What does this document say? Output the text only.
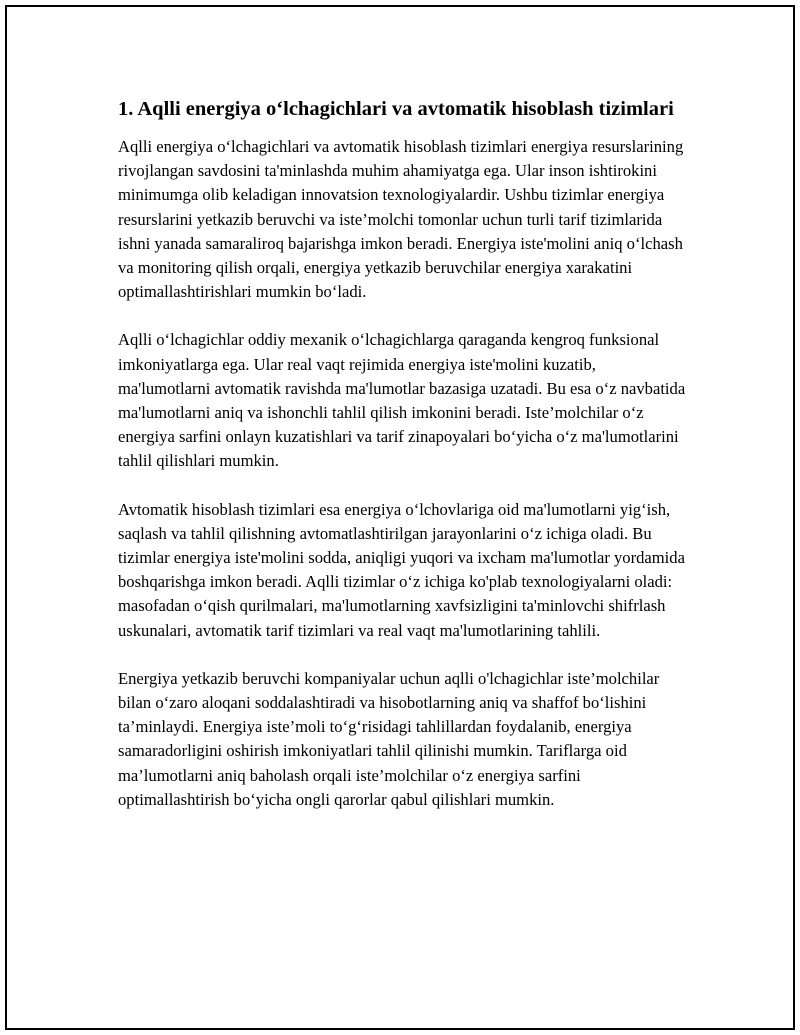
1. Aqlli energiya o‘lchagichlari va avtomatik hisoblash tizimlari

Aqlli energiya o‘lchagichlari va avtomatik hisoblash tizimlari energiya resurslarining rivojlangan savdosini ta'minlashda muhim ahamiyatga ega. Ular inson ishtirokini minimumga olib keladigan innovatsion texnologiyalardir. Ushbu tizimlar energiya resurslarini yetkazib beruvchi va iste’molchi tomonlar uchun turli tarif tizimlarida ishni yanada samaraliroq bajarishga imkon beradi. Energiya iste'molini aniq o‘lchash va monitoring qilish orqali, energiya yetkazib beruvchilar energiya xarakatini optimallashtirishlari mumkin bo‘ladi.

Aqlli o‘lchagichlar oddiy mexanik o‘lchagichlarga qaraganda kengroq funksional imkoniyatlarga ega. Ular real vaqt rejimida energiya iste'molini kuzatib, ma'lumotlarni avtomatik ravishda ma'lumotlar bazasiga uzatadi. Bu esa o‘z navbatida ma'lumotlarni aniq va ishonchli tahlil qilish imkonini beradi. Iste’molchilar o‘z energiya sarfini onlayn kuzatishlari va tarif zinapoyalari bo‘yicha o‘z ma'lumotlarini tahlil qilishlari mumkin.

Avtomatik hisoblash tizimlari esa energiya o‘lchovlariga oid ma'lumotlarni yig‘ish, saqlash va tahlil qilishning avtomatlashtirilgan jarayonlarini o‘z ichiga oladi. Bu tizimlar energiya iste'molini sodda, aniqligi yuqori va ixcham ma'lumotlar yordamida boshqarishga imkon beradi. Aqlli tizimlar o‘z ichiga ko'plab texnologiyalarni oladi: masofadan o‘qish qurilmalari, ma'lumotlarning xavfsizligini ta'minlovchi shifrlash uskunalari, avtomatik tarif tizimlari va real vaqt ma'lumotlarining tahlili.

Energiya yetkazib beruvchi kompaniyalar uchun aqlli o'lchagichlar iste’molchilar bilan o‘zaro aloqani soddalashtiradi va hisobotlarning aniq va shaffof bo‘lishini ta’minlaydi. Energiya iste’moli to‘g‘risidagi tahlillardan foydalanib, energiya samaradorligini oshirish imkoniyatlari tahlil qilinishi mumkin. Tariflarga oid ma’lumotlarni aniq baholash orqali iste’molchilar o‘z energiya sarfini optimallashtirish bo‘yicha ongli qarorlar qabul qilishlari mumkin.
